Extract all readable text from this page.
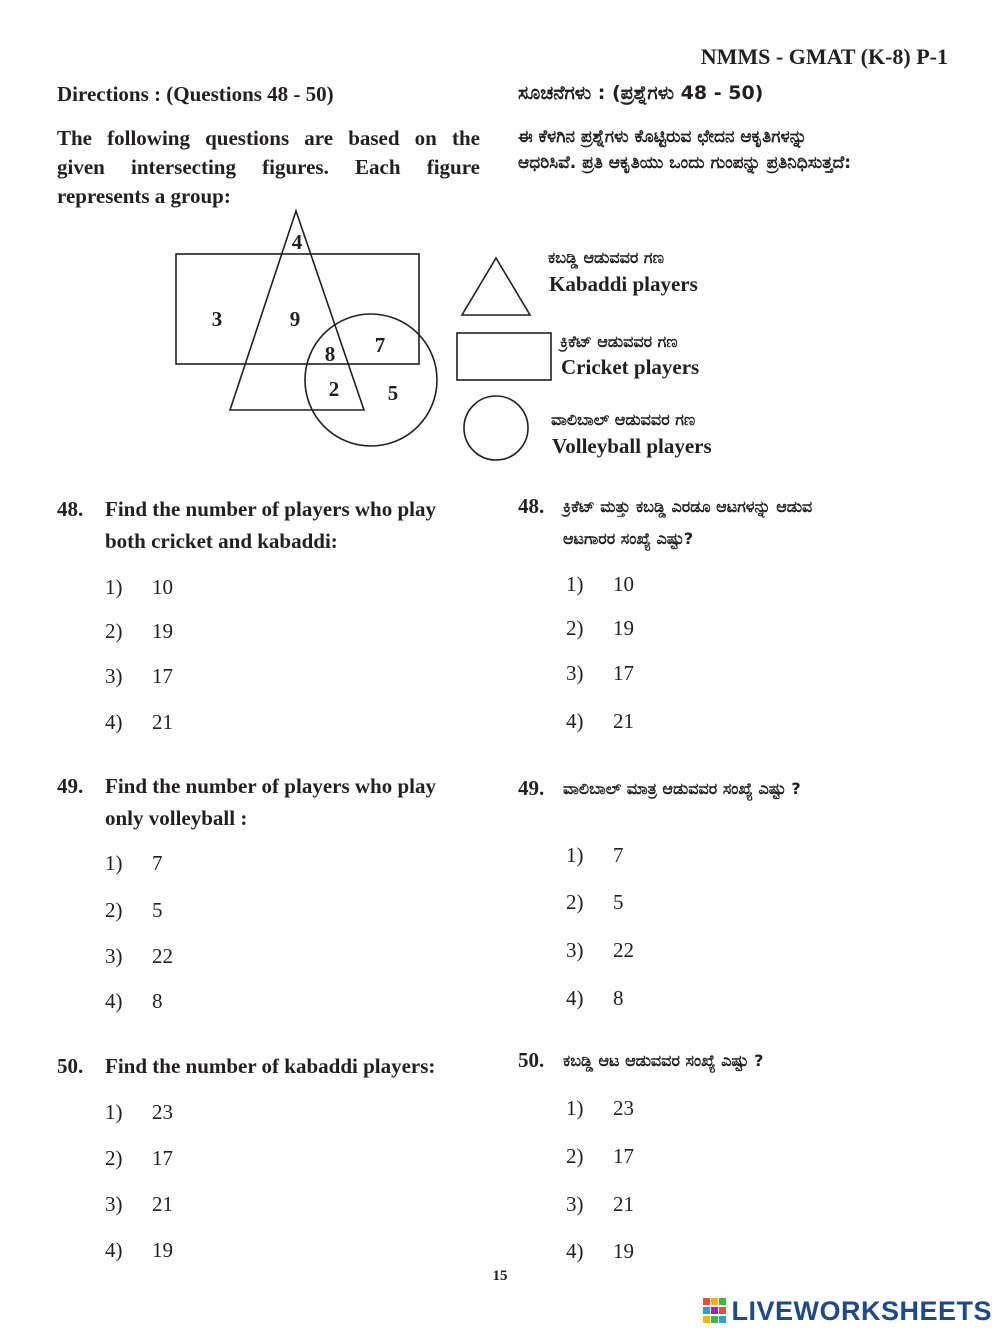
NMMS - GMAT (K-8) P-1
Directions : (Questions 48 - 50)	ಸೂಚನೆಗಳು : (ಪ್ರಶ್ನೆಗಳು 48 - 50)
The following questions are based on the
given intersecting figures. Each figure
represents a group:
ಈ ಕೆಳಗಿನ ಪ್ರಶ್ನೆಗಳು ಕೊಟ್ಟಿರುವ ಛೇದನ ಆಕೃತಿಗಳನ್ನು
ಆಧರಿಸಿವೆ. ಪ್ರತಿ ಆಕೃತಿಯು ಒಂದು ಗುಂಪನ್ನು ಪ್ರತಿನಿಧಿಸುತ್ತದೆ:
4
3	9
8 7
2 5
ಕಬಡ್ಡಿ ಆಡುವವರ ಗಣ
Kabaddi players
ಕ್ರಿಕೆಟ್ ಆಡುವವರ ಗಣ
Cricket players
ವಾಲಿಬಾಲ್ ಆಡುವವರ ಗಣ
Volleyball players
48. Find the number of players who play
both cricket and kabaddi:
48. ಕ್ರಿಕೆಟ್ ಮತ್ತು ಕಬಡ್ಡಿ ಎರಡೂ ಆಟಗಳನ್ನು ಆಡುವ
ಆಟಗಾರರ ಸಂಖ್ಯೆ ಎಷ್ಟು?
1) 10
2) 19
3) 17
4) 21
1) 10
2) 19
3) 17
4) 21
49. Find the number of players who play
only volleyball :
49. ವಾಲಿಬಾಲ್ ಮಾತ್ರ ಆಡುವವರ ಸಂಖ್ಯೆ ಎಷ್ಟು ?
1) 7
2) 5
3) 22
4) 8
1) 7
2) 5
3) 22
4) 8
50. Find the number of kabaddi players:	50. ಕಬಡ್ಡಿ ಆಟ ಆಡುವವರ ಸಂಖ್ಯೆ ಎಷ್ಟು ?
1) 23
2) 17
3) 21
4) 19
1) 23
2) 17
3) 21
4) 19
15
LIVEWORKSHEETS
